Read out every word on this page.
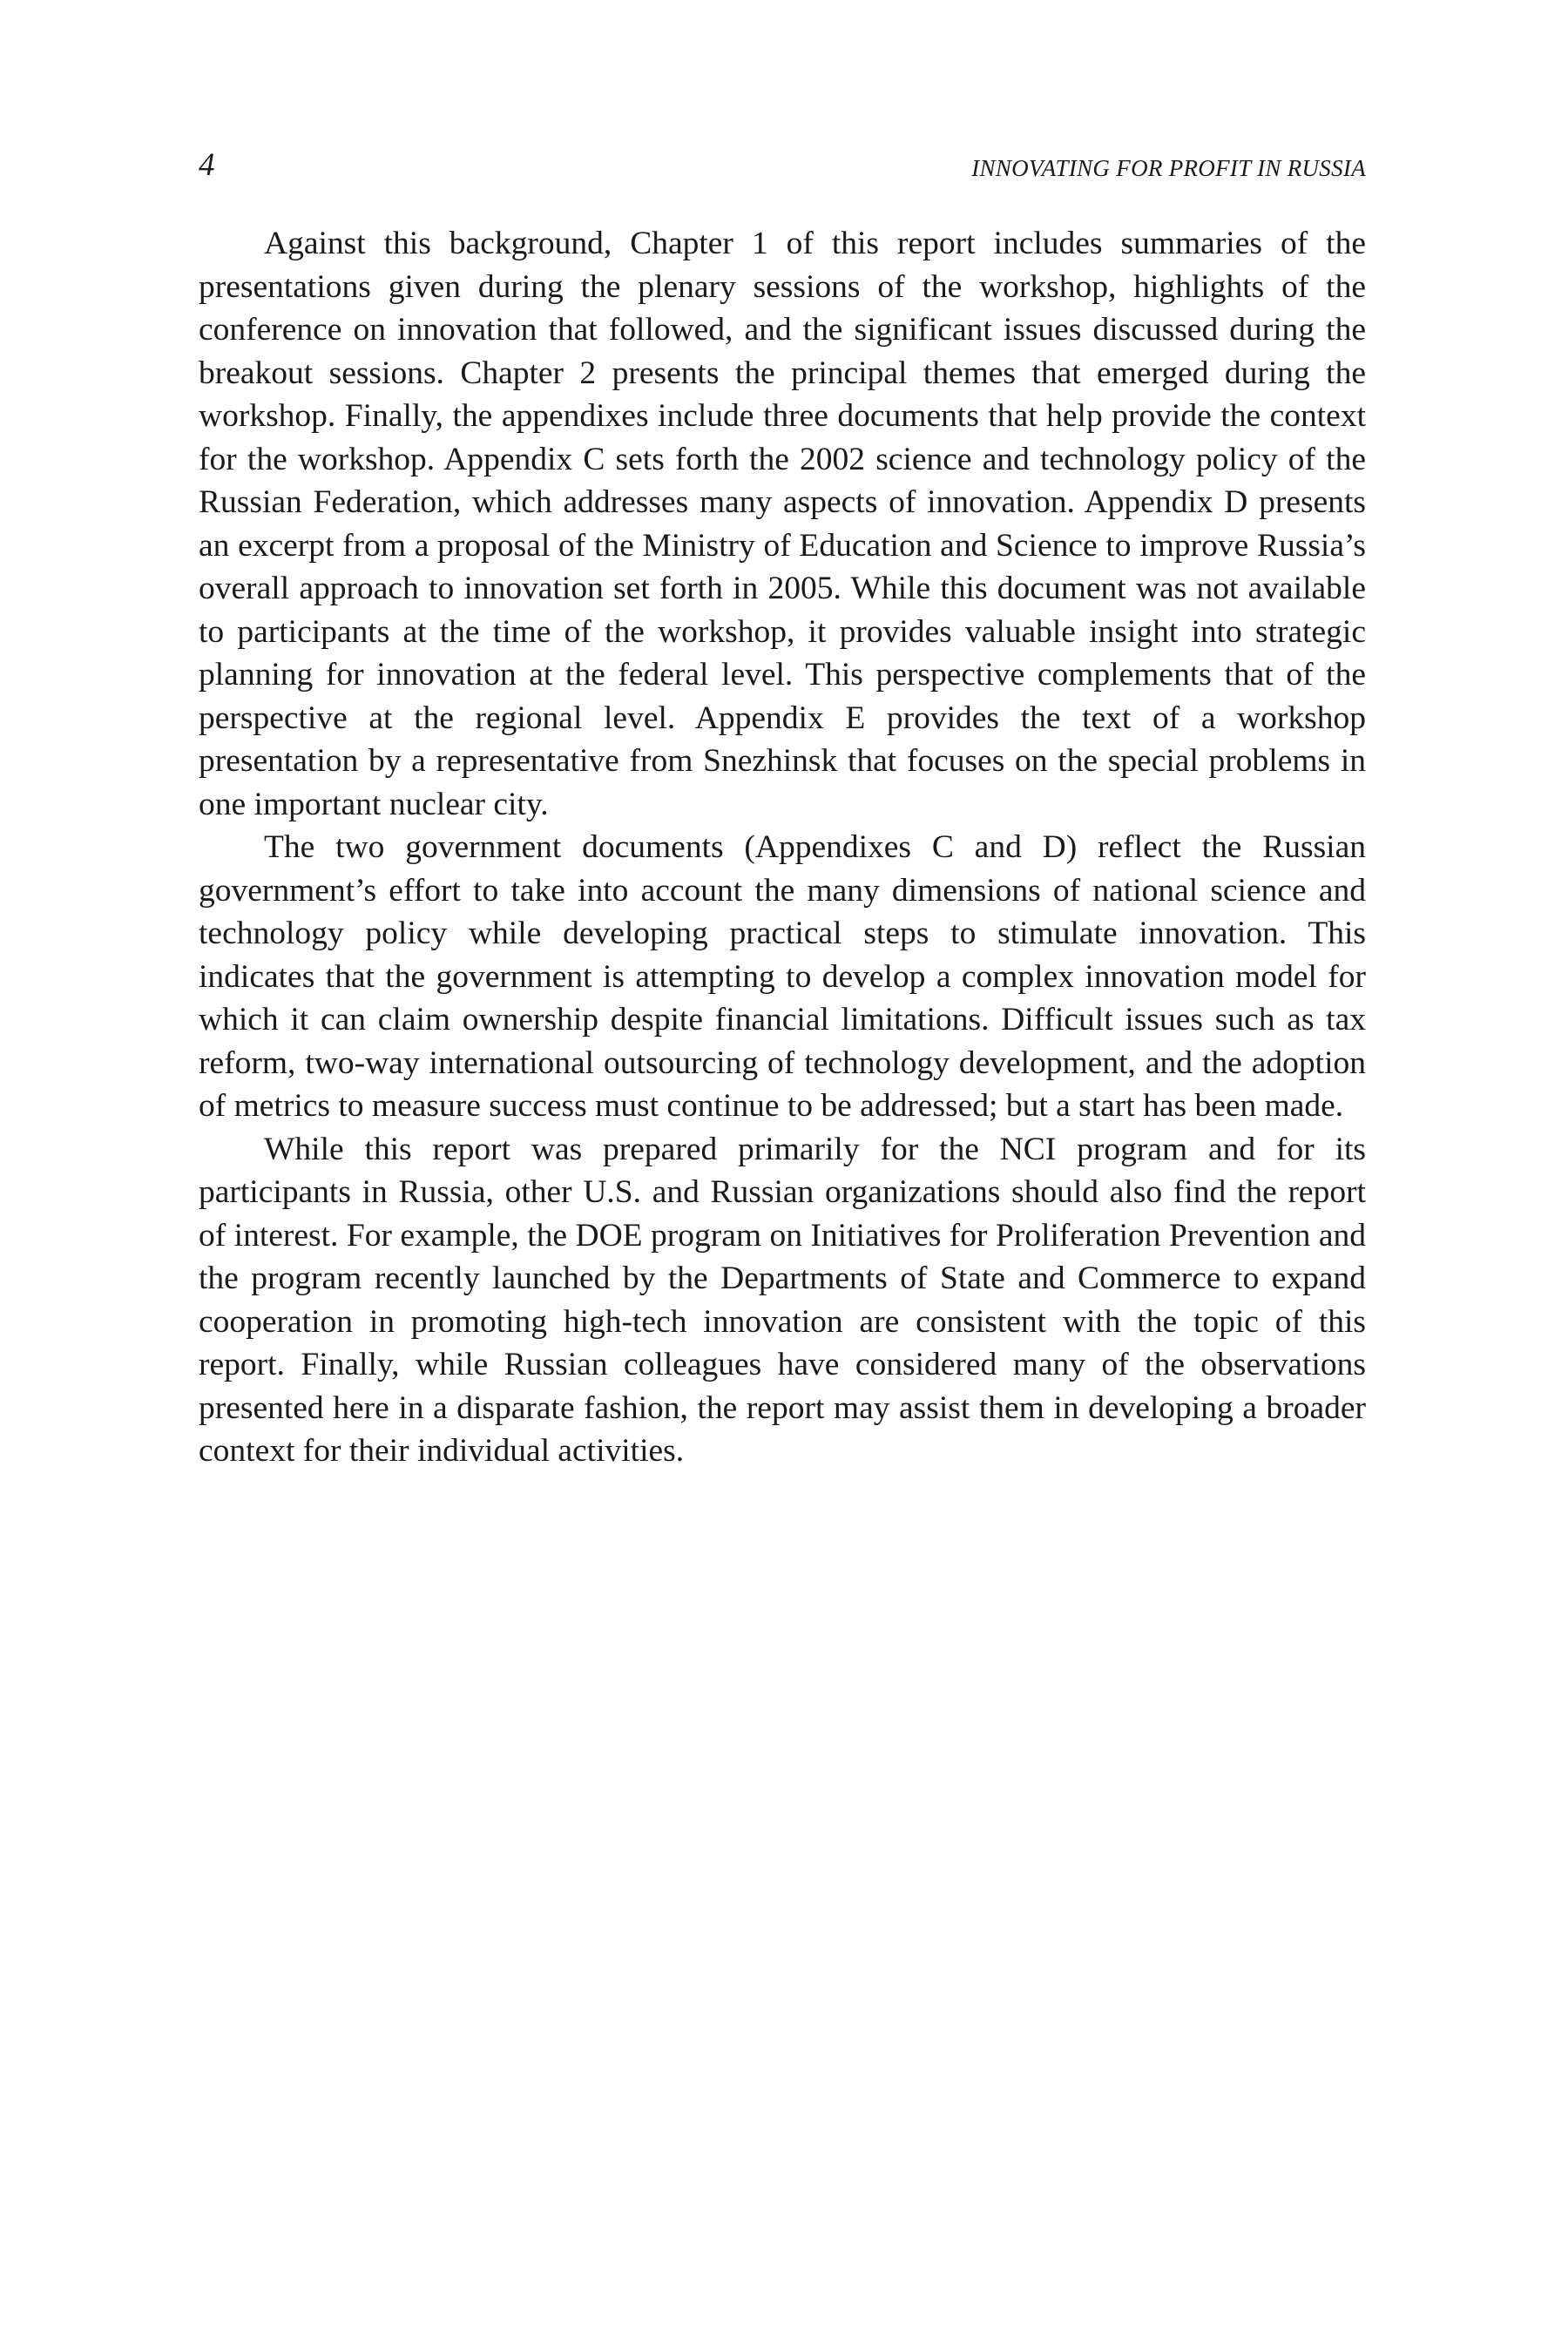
4	INNOVATING FOR PROFIT IN RUSSIA

Against this background, Chapter 1 of this report includes summaries of the presentations given during the plenary sessions of the workshop, highlights of the conference on innovation that followed, and the significant issues discussed during the breakout sessions. Chapter 2 presents the principal themes that emerged during the workshop. Finally, the appendixes include three documents that help provide the context for the workshop. Appendix C sets forth the 2002 science and technology policy of the Russian Federation, which addresses many aspects of innovation. Appendix D presents an excerpt from a proposal of the Ministry of Education and Science to improve Russia’s overall approach to innovation set forth in 2005. While this document was not available to participants at the time of the workshop, it provides valuable insight into strategic planning for innovation at the federal level. This perspective complements that of the perspective at the regional level. Appendix E provides the text of a workshop presentation by a representative from Snezhinsk that focuses on the special problems in one important nuclear city.

The two government documents (Appendixes C and D) reflect the Russian government’s effort to take into account the many dimensions of national science and technology policy while developing practical steps to stimulate innovation. This indicates that the government is attempting to develop a complex innovation model for which it can claim ownership despite financial limitations. Difficult issues such as tax reform, two-way international outsourcing of technology development, and the adoption of metrics to measure success must continue to be addressed; but a start has been made.

While this report was prepared primarily for the NCI program and for its participants in Russia, other U.S. and Russian organizations should also find the report of interest. For example, the DOE program on Initiatives for Proliferation Prevention and the program recently launched by the Departments of State and Commerce to expand cooperation in promoting high-tech innovation are consistent with the topic of this report. Finally, while Russian colleagues have considered many of the observations presented here in a disparate fashion, the report may assist them in developing a broader context for their individual activities.
